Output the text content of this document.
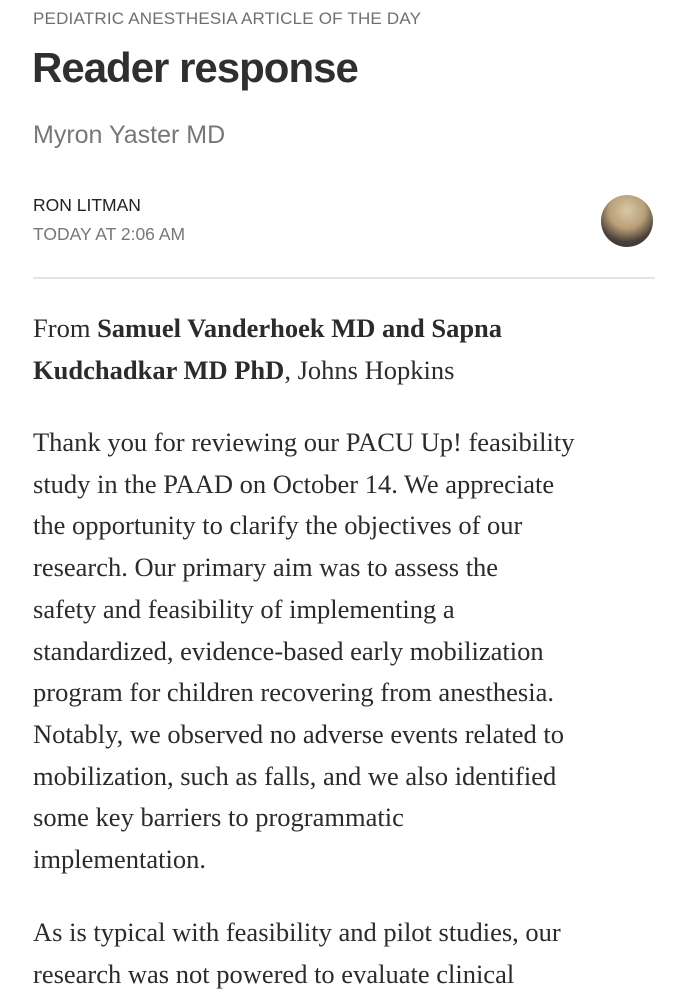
PEDIATRIC ANESTHESIA ARTICLE OF THE DAY
Reader response
Myron Yaster MD
RON LITMAN
TODAY AT 2:06 AM
From Samuel Vanderhoek MD and Sapna
Kudchadkar MD PhD, Johns Hopkins
Thank you for reviewing our PACU Up! feasibility
study in the PAAD on October 14. We appreciate
the opportunity to clarify the objectives of our
research. Our primary aim was to assess the
safety and feasibility of implementing a
standardized, evidence-based early mobilization
program for children recovering from anesthesia.
Notably, we observed no adverse events related to
mobilization, such as falls, and we also identified
some key barriers to programmatic
implementation.
As is typical with feasibility and pilot studies, our
research was not powered to evaluate clinical
